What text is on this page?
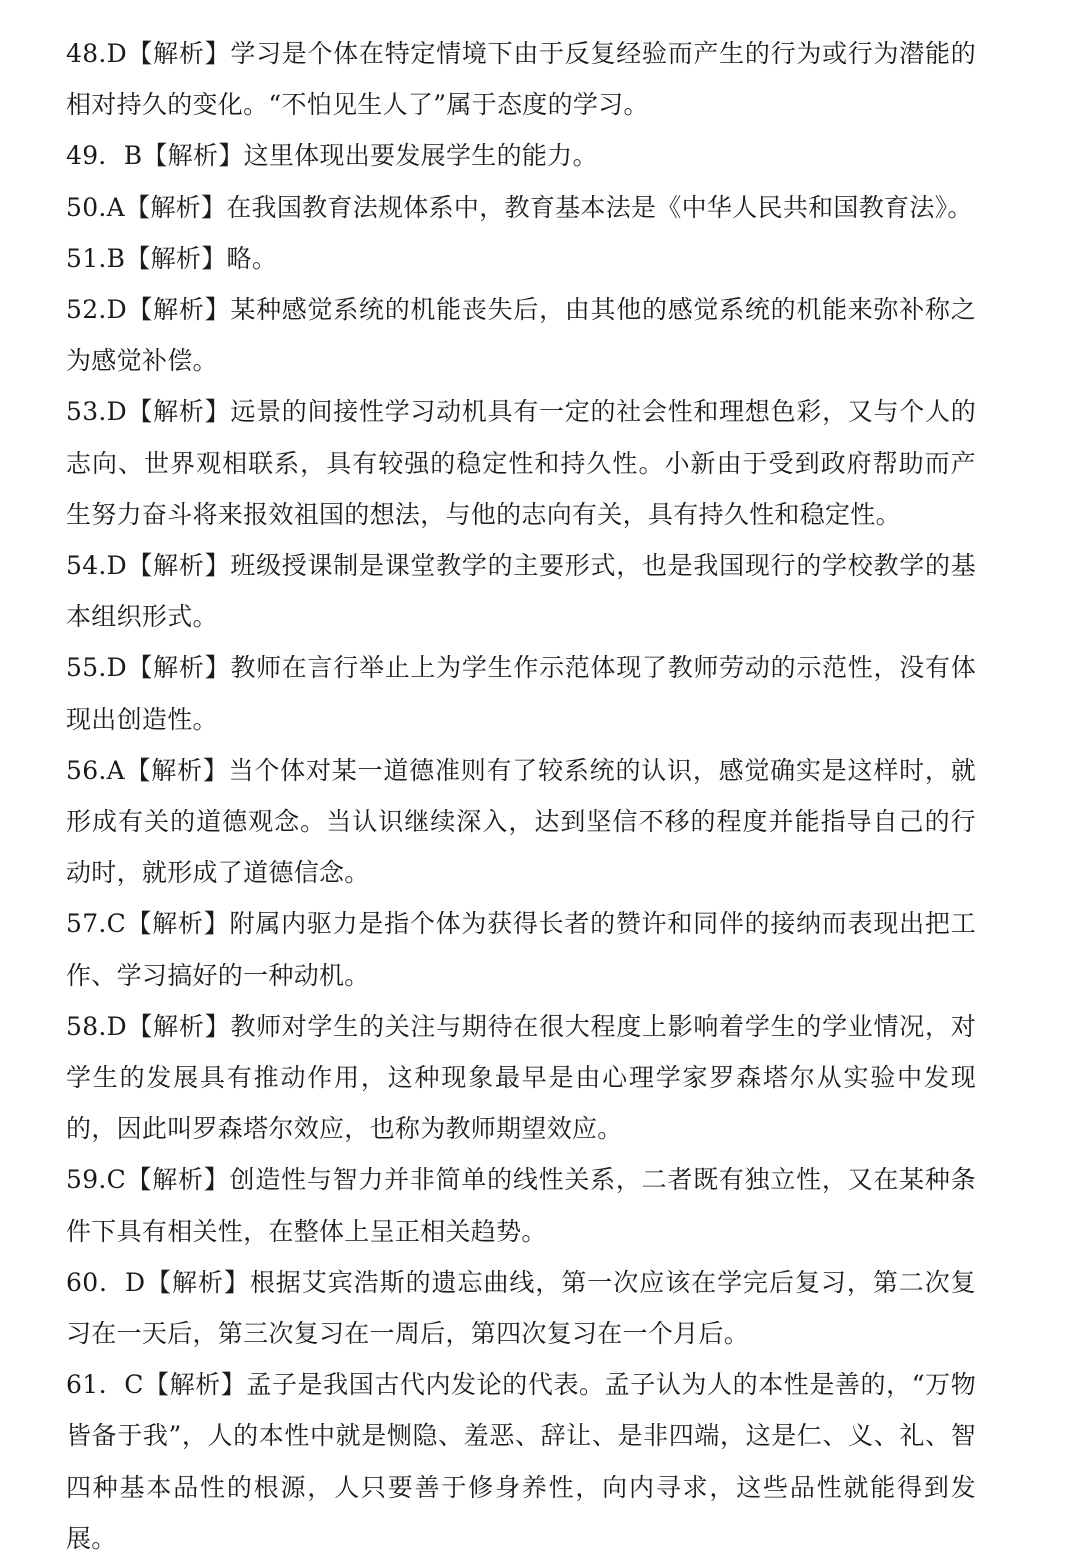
48.D【解析】学习是个体在特定情境下由于反复经验而产生的行为或行为潜能的相对持久的变化。“不怕见生人了”属于态度的学习。

49．B【解析】这里体现出要发展学生的能力。

50.A【解析】在我国教育法规体系中，教育基本法是《中华人民共和国教育法》。

51.B【解析】略。

52.D【解析】某种感觉系统的机能丧失后，由其他的感觉系统的机能来弥补称之为感觉补偿。

53.D【解析】远景的间接性学习动机具有一定的社会性和理想色彩，又与个人的志向、世界观相联系，具有较强的稳定性和持久性。小新由于受到政府帮助而产生努力奋斗将来报效祖国的想法，与他的志向有关，具有持久性和稳定性。

54.D【解析】班级授课制是课堂教学的主要形式，也是我国现行的学校教学的基本组织形式。

55.D【解析】教师在言行举止上为学生作示范体现了教师劳动的示范性，没有体现出创造性。

56.A【解析】当个体对某一道德准则有了较系统的认识，感觉确实是这样时，就形成有关的道德观念。当认识继续深入，达到坚信不移的程度并能指导自己的行动时，就形成了道德信念。

57.C【解析】附属内驱力是指个体为获得长者的赞许和同伴的接纳而表现出把工作、学习搞好的一种动机。

58.D【解析】教师对学生的关注与期待在很大程度上影响着学生的学业情况，对学生的发展具有推动作用，这种现象最早是由心理学家罗森塔尔从实验中发现的，因此叫罗森塔尔效应，也称为教师期望效应。

59.C【解析】创造性与智力并非简单的线性关系，二者既有独立性，又在某种条件下具有相关性，在整体上呈正相关趋势。

60．D【解析】根据艾宾浩斯的遗忘曲线，第一次应该在学完后复习，第二次复习在一天后，第三次复习在一周后，第四次复习在一个月后。

61．C【解析】孟子是我国古代内发论的代表。孟子认为人的本性是善的，“万物皆备于我”，人的本性中就是恻隐、羞恶、辞让、是非四端，这是仁、义、礼、智四种基本品性的根源，人只要善于修身养性，向内寻求，这些品性就能得到发展。
